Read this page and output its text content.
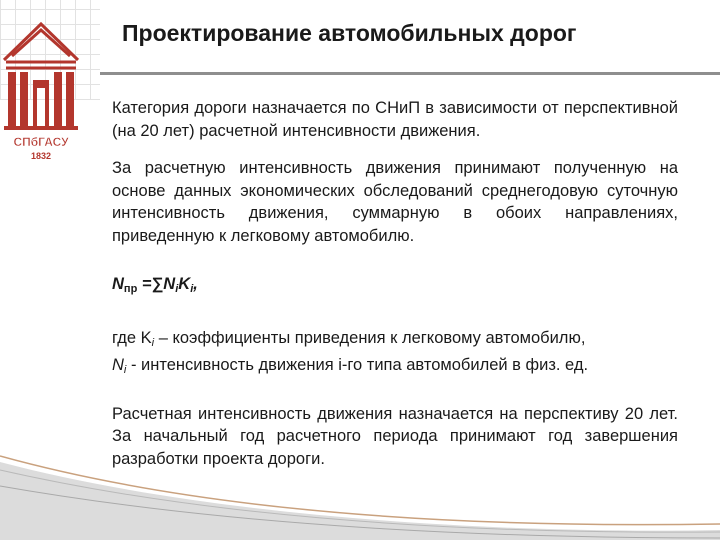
СПбГАСУ
1832
Проектирование автомобильных дорог

Категория дороги назначается по СНиП в зависимости от перспективной (на 20 лет) расчетной интенсивности движения.

За расчетную интенсивность движения принимают полученную на основе данных экономических обследований среднегодовую суточную интенсивность движения, суммарную в обоих направлениях, приведенную к легковому автомобилю.

$N_{пр}$ =∑NiKi,

где Ki – коэффициенты приведения к легковому автомобилю,
Ni - интенсивность движения i-го типа автомобилей в физ. ед.

Расчетная интенсивность движения назначается на перспективу 20 лет. За начальный год расчетного периода принимают год завершения разработки проекта дороги.
